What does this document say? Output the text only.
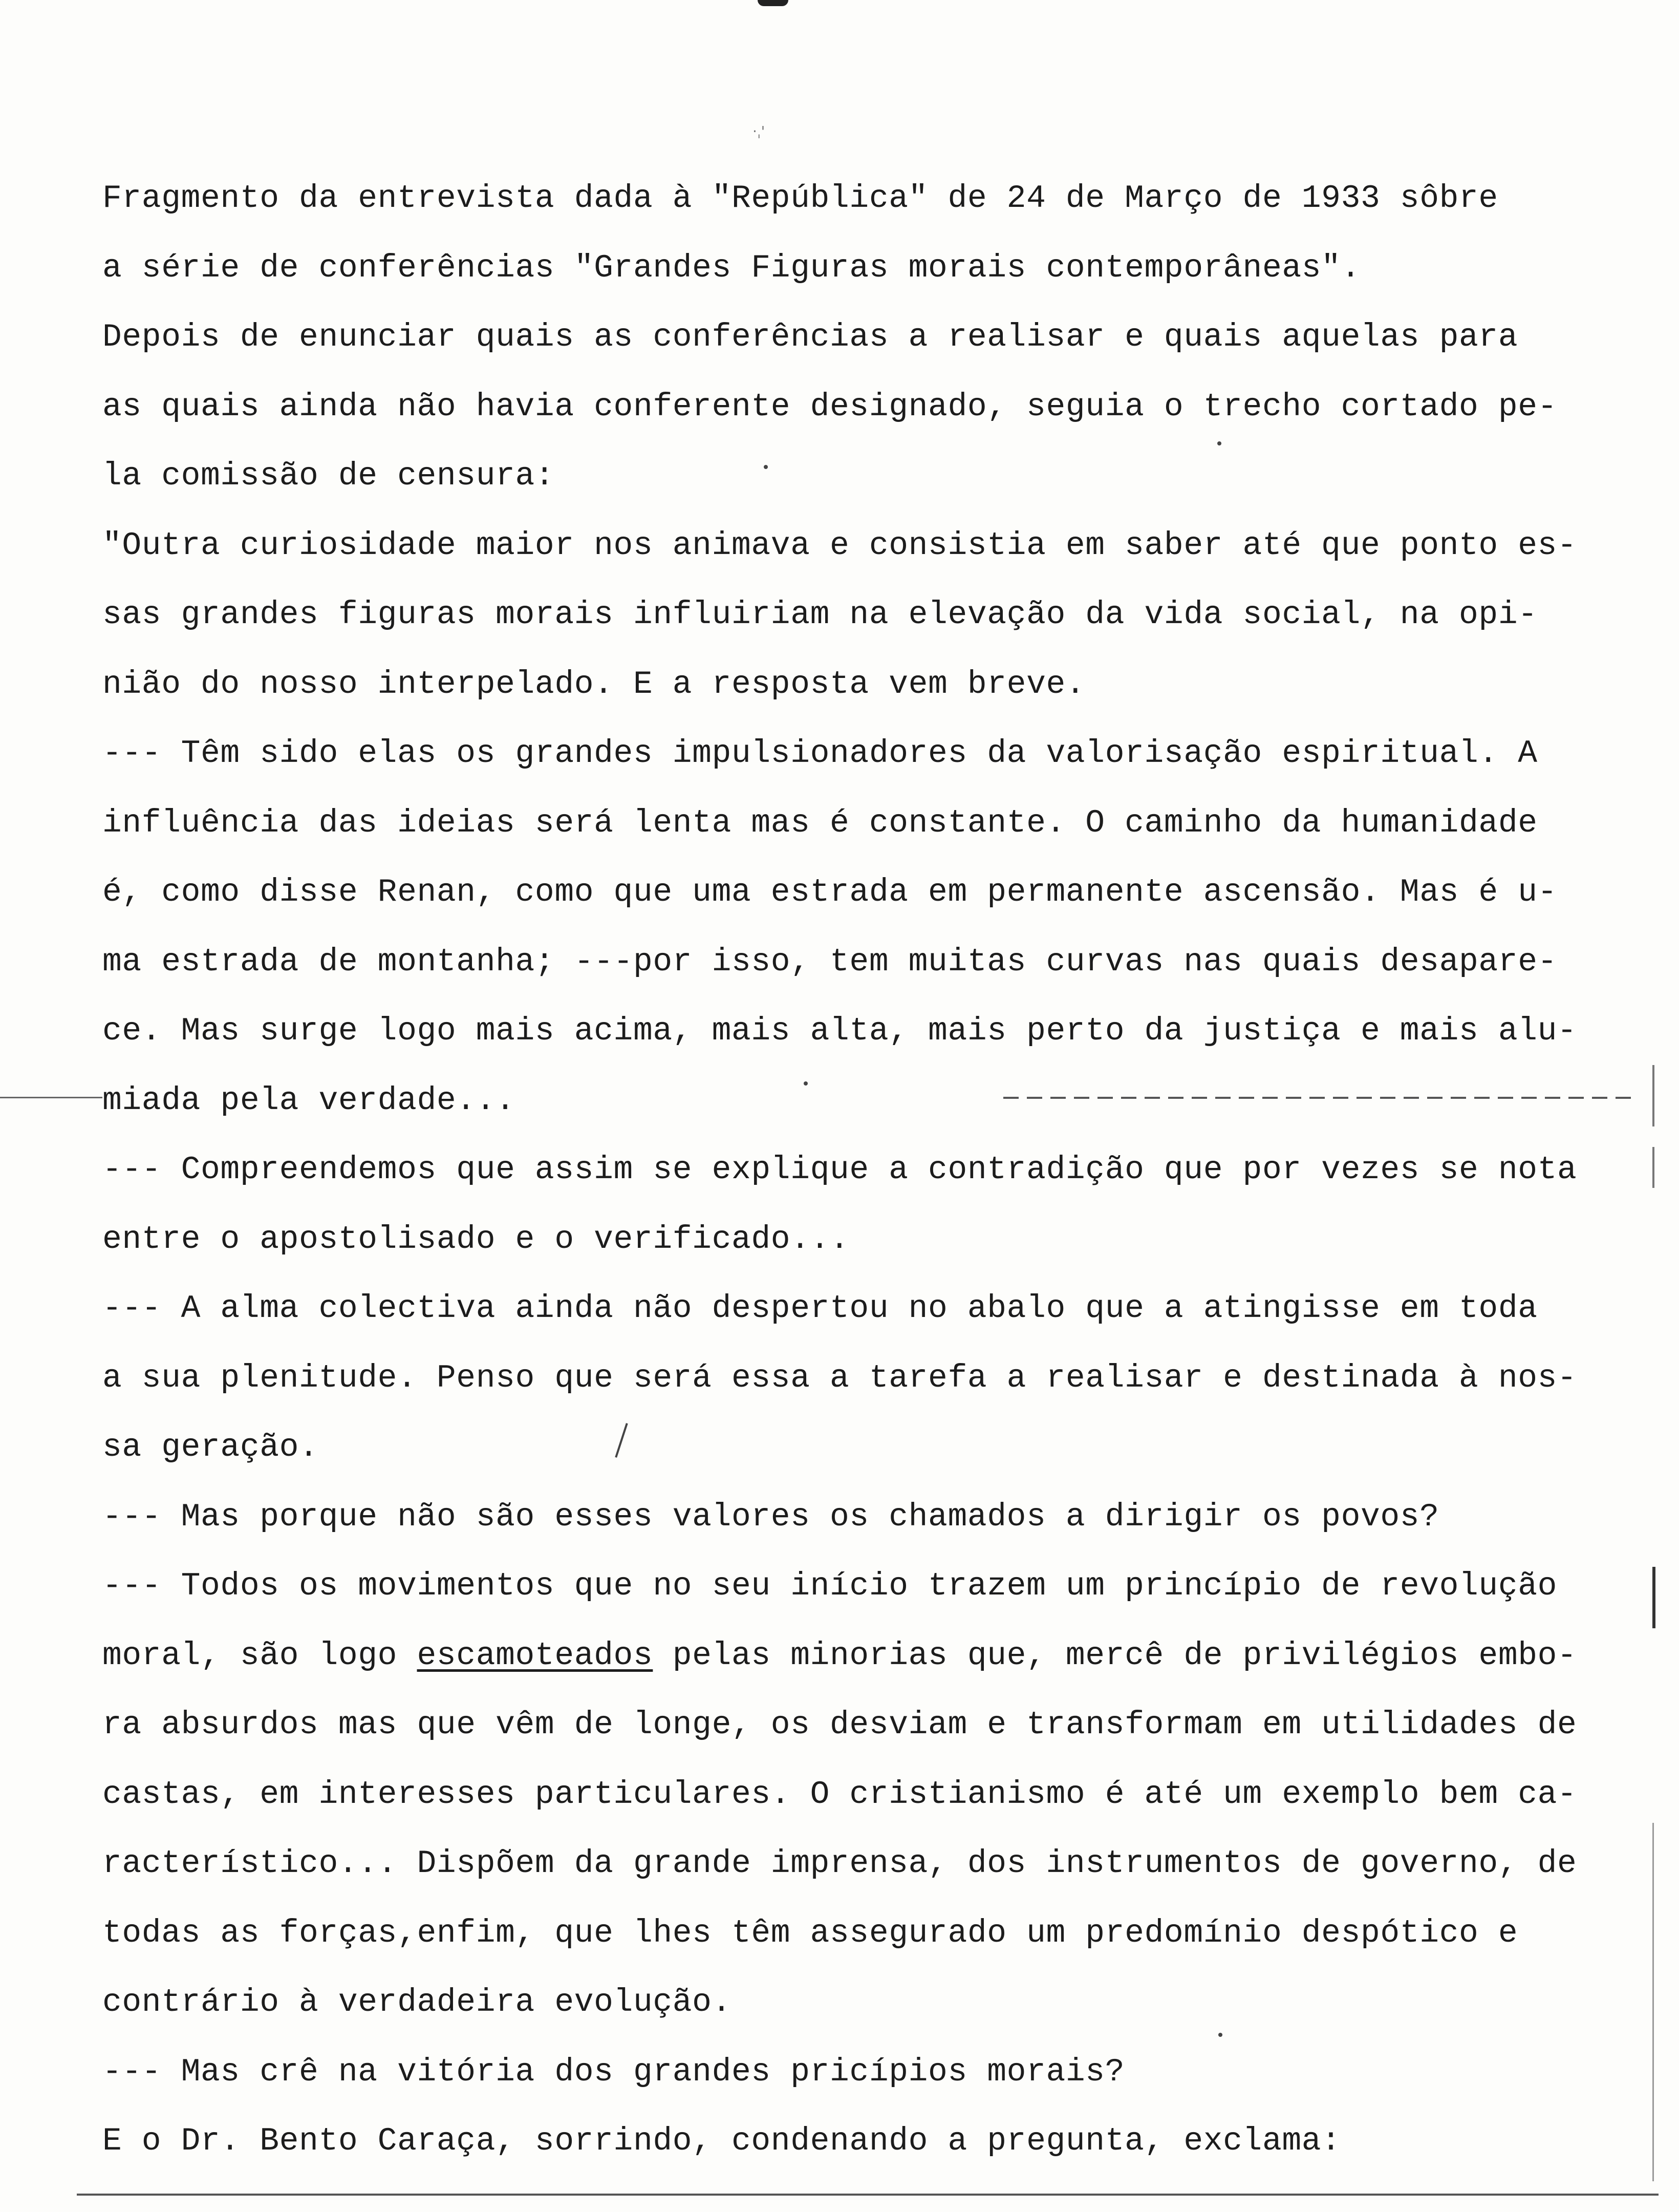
·ˌ'
Fragmento da entrevista dada à "República" de 24 de Março de 1933 sôbre
a série de conferências "Grandes Figuras morais contemporâneas".
Depois de enunciar quais as conferências a realisar e quais aquelas para
as quais ainda não havia conferente designado, seguia o trecho cortado pe-
la comissão de censura:
"Outra curiosidade maior nos animava e consistia em saber até que ponto es-
sas grandes figuras morais influiriam na elevação da vida social, na opi-
nião do nosso interpelado. E a resposta vem breve.
--- Têm sido elas os grandes impulsionadores da valorisação espiritual. A
influência das ideias será lenta mas é constante. O caminho da humanidade
é, como disse Renan, como que uma estrada em permanente ascensão. Mas é u-
ma estrada de montanha; ---por isso, tem muitas curvas nas quais desapare-
ce. Mas surge logo mais acima, mais alta, mais perto da justiça e mais alu-
miada pela verdade...
--- Compreendemos que assim se explique a contradição que por vezes se nota
entre o apostolisado e o verificado...
--- A alma colectiva ainda não despertou no abalo que a atingisse em toda
a sua plenitude. Penso que será essa a tarefa a realisar e destinada à nos-
sa geração.
--- Mas porque não são esses valores os chamados a dirigir os povos?
--- Todos os movimentos que no seu início trazem um princípio de revolução
moral, são logo escamoteados pelas minorias que, mercê de privilégios embo-
ra absurdos mas que vêm de longe, os desviam e transformam em utilidades de
castas, em interesses particulares. O cristianismo é até um exemplo bem ca-
racterístico... Dispõem da grande imprensa, dos instrumentos de governo, de
todas as forças,enfim, que lhes têm assegurado um predomínio despótico e
contrário à verdadeira evolução.
--- Mas crê na vitória dos grandes pricípios morais?
E o Dr. Bento Caraça, sorrindo, condenando a pregunta, exclama:
